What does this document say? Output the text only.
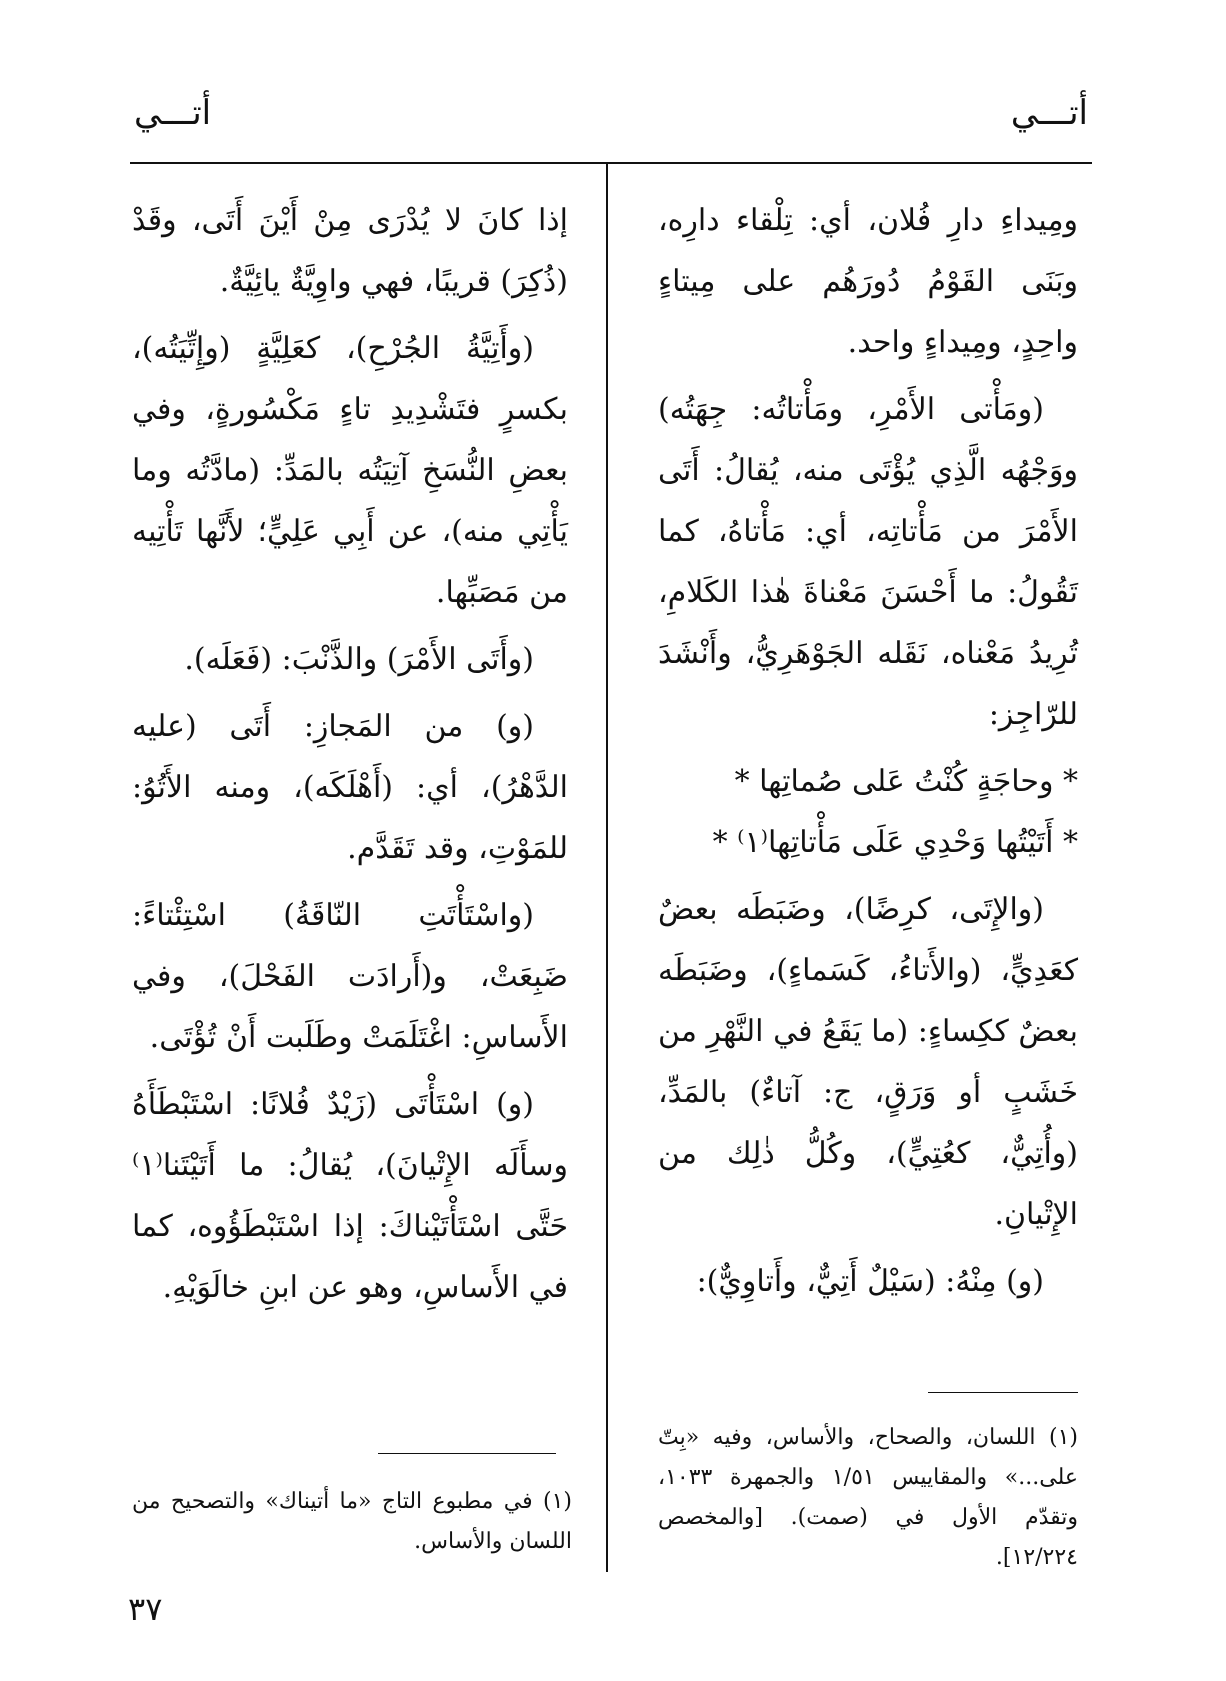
أتـــي
أتـــي

ومِيداءِ دارِ فُلان، أي: تِلْقاء دارِه، وبَنَى القَوْمُ دُورَهُم على مِيتاءٍ واحِدٍ، ومِيداءٍ واحد.

(ومَأْتى الأَمْرِ، ومَأْتاتُه: جِهَتُه) ووَجْهُه الَّذِي يُؤْتَى منه، يُقالُ: أَتَى الأَمْرَ من مَأْتاتِه، أي: مَأْتاهُ، كما تَقُولُ: ما أَحْسَنَ مَعْناةَ هٰذا الكَلامِ، تُرِيدُ مَعْناه، نَقَله الجَوْهَرِيُّ، وأَنْشَدَ للرّاجِز:

* وحاجَةٍ كُنْتُ عَلى صُماتِها *

* أَتَيْتُها وَحْدِي عَلَى مَأْتاتِها⁽١⁾ *

(والإِتَى، كرِضًا)، وضَبَطَه بعضٌ كعَدِيٍّ، (والأَتاءُ، كَسَماءٍ)، وضَبَطَه بعضٌ ككِساءٍ: (ما يَقَعُ في النَّهْرِ من خَشَبٍ أو وَرَقٍ، ج: آتاءٌ) بالمَدِّ، (وأُتِيٌّ، كعُتِيٍّ)، وكُلُّ ذٰلِك من الإِتْيانِ.

(و) مِنْهُ: (سَيْلٌ أَتِيٌّ، وأَتاوِيٌّ):

إذا كانَ لا يُدْرَى مِنْ أَيْنَ أَتَى، وقَدْ (ذُكِرَ) قريبًا، فهي واوِيَّةٌ يائِيَّةٌ.

(وأَتِيَّةُ الجُرْحِ)، كعَلِيَّةٍ (وإِتِّيَتُه)، بكسرٍ فتَشْدِيدِ تاءٍ مَكْسُورةٍ، وفي بعضِ النُّسَخِ آتِيَتُه بالمَدِّ: (مادَّتُه وما يَأْتِي منه)، عن أَبِي عَلِيٍّ؛ لأَنَّها تَأْتِيه من مَصَبِّها.

(وأَتَى الأَمْرَ) والذَّنْبَ: (فَعَلَه).

(و) من المَجازِ: أَتَى (عليه الدَّهْرُ)، أي: (أَهْلَكَه)، ومنه الأَتُوُ: للمَوْتِ، وقد تَقَدَّم.

(واسْتَأْتَتِ النّاقَةُ) اسْتِئْتاءً: ضَبِعَتْ، و(أَرادَت الفَحْلَ)، وفي الأَساسِ: اغْتَلَمَتْ وطَلَبت أَنْ تُؤْتَى.

(و) اسْتَأْتَى (زَيْدٌ فُلانًا: اسْتَبْطَأَهُ وسأَلَه الإِتْيانَ)، يُقالُ: ما أَتَيْتَنا⁽١⁾ حَتَّى اسْتَأْتَيْناكَ: إذا اسْتَبْطَؤُوه، كما في الأَساسِ، وهو عن ابنِ خالَوَيْهِ.

(١) اللسان، والصحاح، والأساس، وفيه «بِتّ على...» والمقاييس ١/٥١ والجمهرة ١٠٣٣، وتقدّم الأول في (صمت). [والمخصص ١٢/٢٢٤].

(١) في مطبوع التاج «ما أتيناك» والتصحيح من اللسان والأساس.

٣٧
